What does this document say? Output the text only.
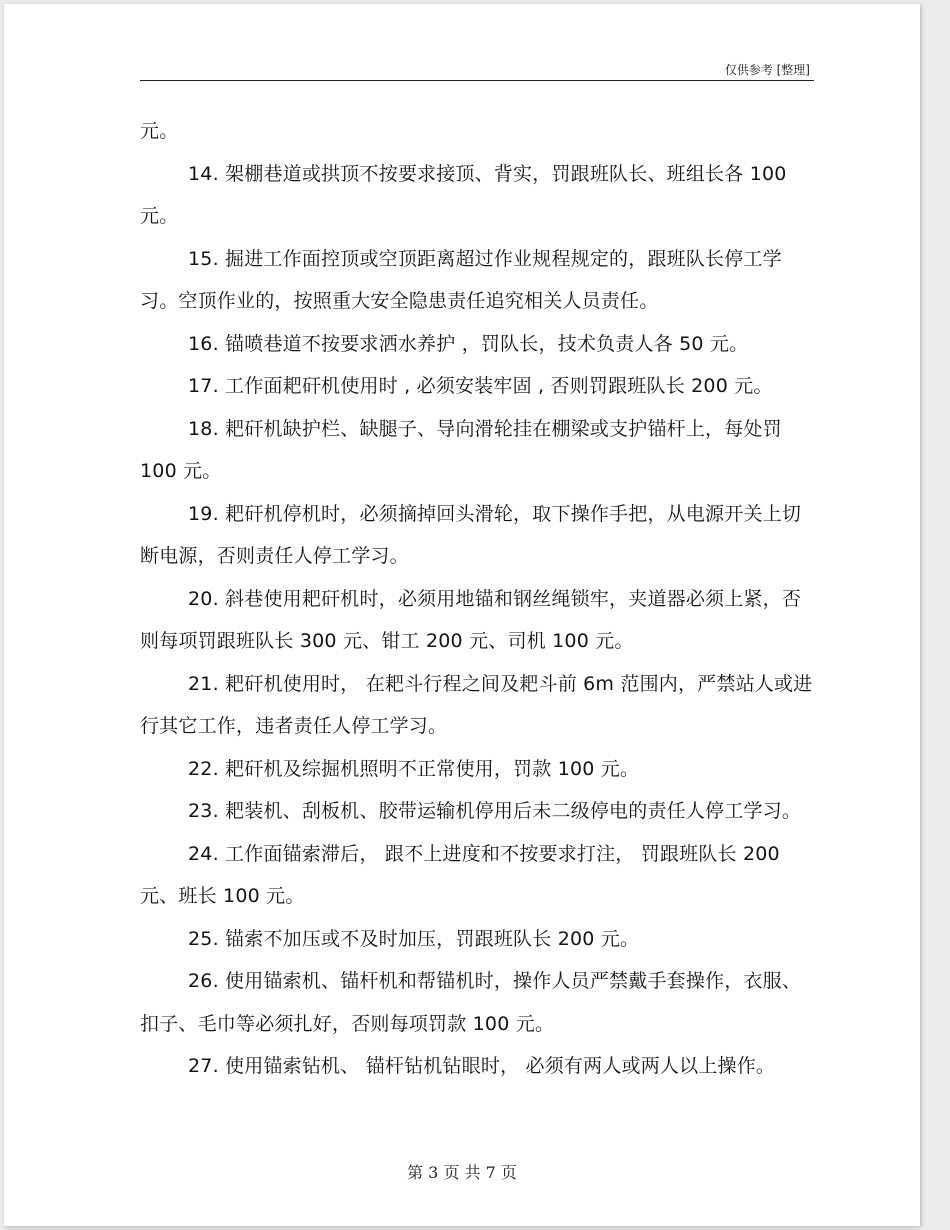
仅供参考 [整理]

元。

14. 架棚巷道或拱顶不按要求接顶、背实，罚跟班队长、班组长各 100 元。

15. 掘进工作面控顶或空顶距离超过作业规程规定的，跟班队长停工学习。空顶作业的，按照重大安全隐患责任追究相关人员责任。

16. 锚喷巷道不按要求洒水养护 ，罚队长，技术负责人各 50 元。

17. 工作面耙矸机使用时 , 必须安装牢固 , 否则罚跟班队长 200 元。

18. 耙矸机缺护栏、缺腿子、导向滑轮挂在棚梁或支护锚杆上，每处罚 100 元。

19. 耙矸机停机时，必须摘掉回头滑轮，取下操作手把，从电源开关上切断电源，否则责任人停工学习。

20. 斜巷使用耙矸机时，必须用地锚和钢丝绳锁牢，夹道器必须上紧，否则每项罚跟班队长 300 元、钳工 200 元、司机 100 元。

21. 耙矸机使用时， 在耙斗行程之间及耙斗前 6m 范围内，严禁站人或进行其它工作，违者责任人停工学习。

22. 耙矸机及综掘机照明不正常使用，罚款 100 元。

23. 耙装机、刮板机、胶带运输机停用后未二级停电的责任人停工学习。

24. 工作面锚索滞后， 跟不上进度和不按要求打注， 罚跟班队长 200 元、班长 100 元。

25. 锚索不加压或不及时加压，罚跟班队长 200 元。

26. 使用锚索机、锚杆机和帮锚机时，操作人员严禁戴手套操作，衣服、扣子、毛巾等必须扎好，否则每项罚款 100 元。

27. 使用锚索钻机、 锚杆钻机钻眼时， 必须有两人或两人以上操作。

第 3 页 共 7 页
